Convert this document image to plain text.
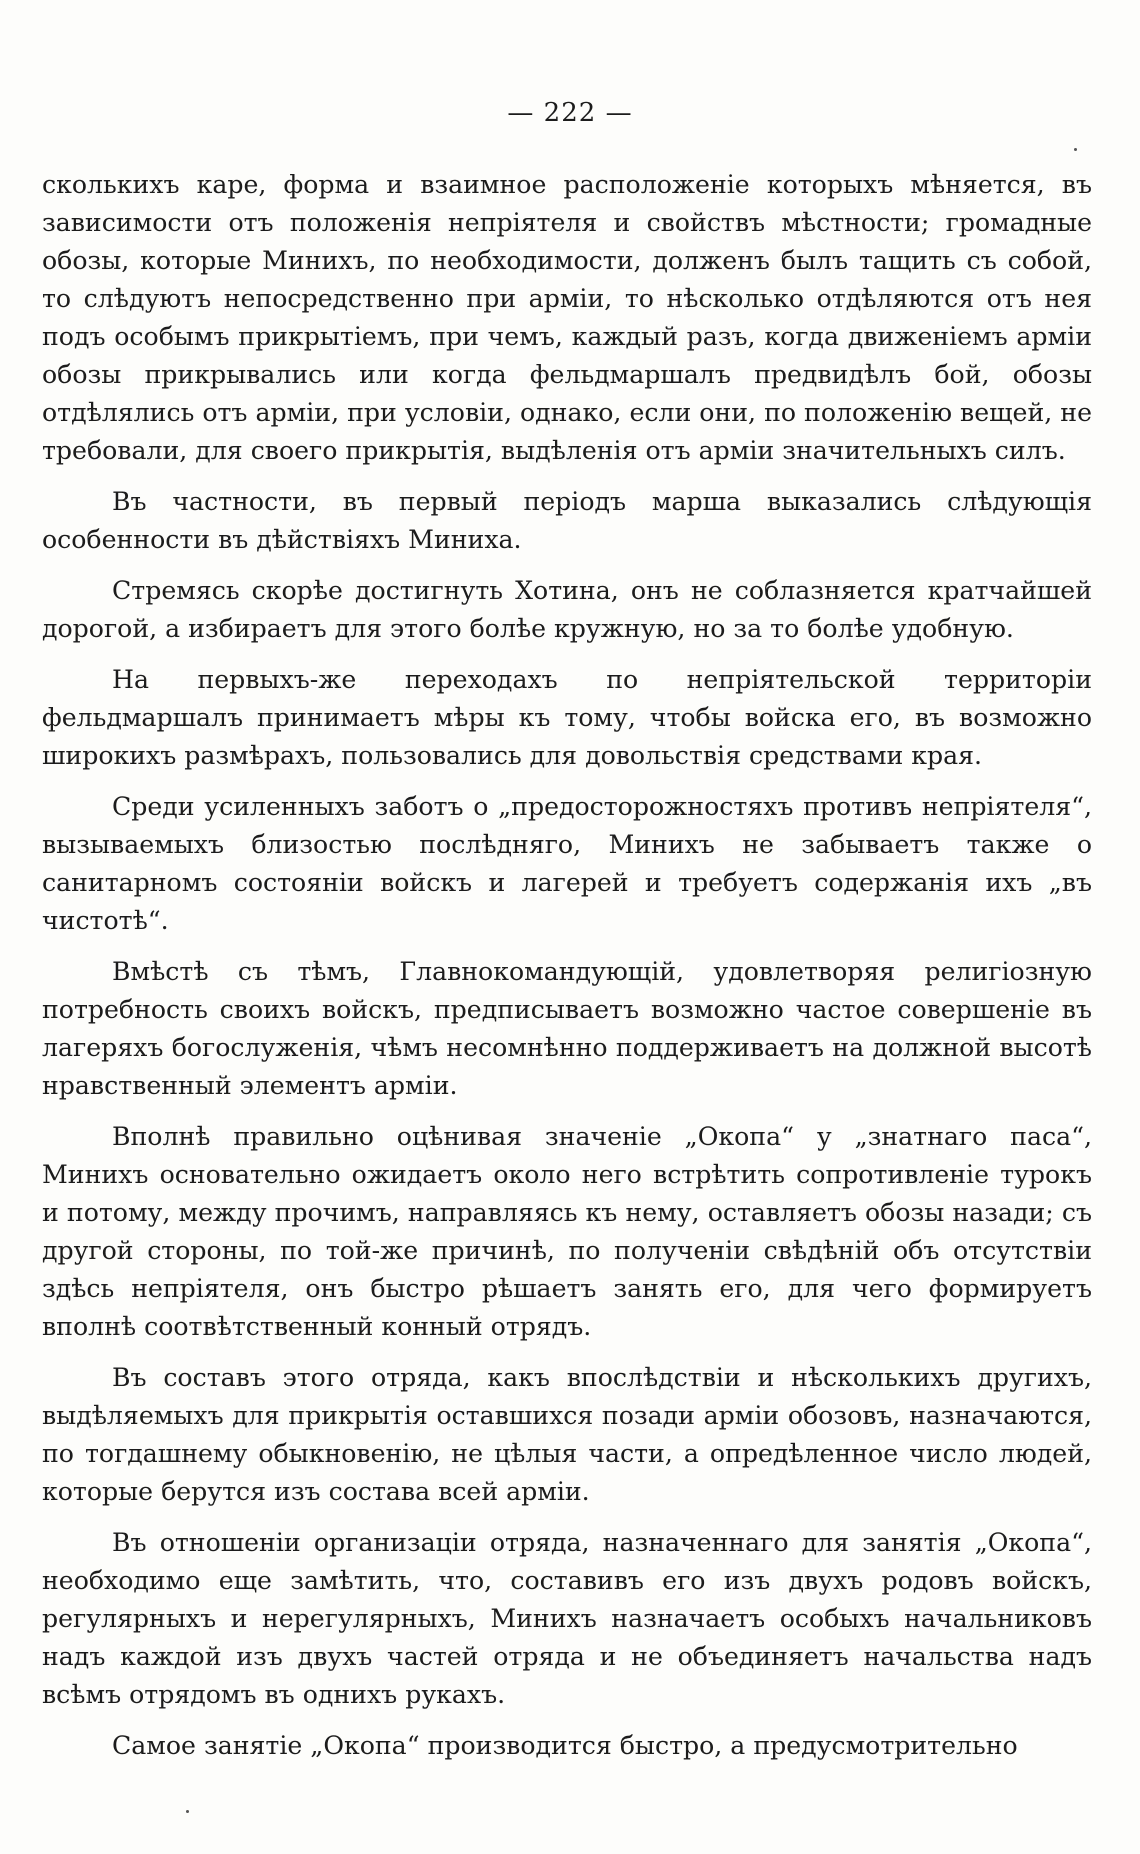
— 222 —

сколькихъ каре, форма и взаимное расположеніе которыхъ мѣняется, въ зависимости отъ положенія непріятеля и свойствъ мѣстности; громадные обозы, которые Минихъ, по необходимости, долженъ былъ тащить съ собой, то слѣдуютъ непосредственно при арміи, то нѣсколько отдѣляются отъ нея подъ особымъ прикрытіемъ, при чемъ, каждый разъ, когда движеніемъ арміи обозы прикрывались или когда фельдмаршалъ предвидѣлъ бой, обозы отдѣлялись отъ арміи, при условіи, однако, если они, по положенію вещей, не требовали, для своего прикрытія, выдѣленія отъ арміи значительныхъ силъ.

Въ частности, въ первый періодъ марша выказались слѣдующія особенности въ дѣйствіяхъ Миниха.

Стремясь скорѣе достигнуть Хотина, онъ не соблазняется кратчайшей дорогой, а избираетъ для этого болѣе кружную, но за то болѣе удобную.

На первыхъ-же переходахъ по непріятельской территоріи фельдмаршалъ принимаетъ мѣры къ тому, чтобы войска его, въ возможно широкихъ размѣрахъ, пользовались для довольствія средствами края.

Среди усиленныхъ заботъ о „предосторожностяхъ противъ непріятеля“, вызываемыхъ близостью послѣдняго, Минихъ не забываетъ также о санитарномъ состояніи войскъ и лагерей и требуетъ содержанія ихъ „въ чистотѣ“.

Вмѣстѣ съ тѣмъ, Главнокомандующій, удовлетворяя религіозную потребность своихъ войскъ, предписываетъ возможно частое совершеніе въ лагеряхъ богослуженія, чѣмъ несомнѣнно поддерживаетъ на должной высотѣ нравственный элементъ арміи.

Вполнѣ правильно оцѣнивая значеніе „Окопа“ у „знатнаго паса“, Минихъ основательно ожидаетъ около него встрѣтить сопротивленіе турокъ и потому, между прочимъ, направляясь къ нему, оставляетъ обозы назади; съ другой стороны, по той-же причинѣ, по полученіи свѣдѣній объ отсутствіи здѣсь непріятеля, онъ быстро рѣшаетъ занять его, для чего формируетъ вполнѣ соотвѣтственный конный отрядъ.

Въ составъ этого отряда, какъ впослѣдствіи и нѣсколькихъ другихъ, выдѣляемыхъ для прикрытія оставшихся позади арміи обозовъ, назначаются, по тогдашнему обыкновенію, не цѣлыя части, а опредѣленное число людей, которые берутся изъ состава всей арміи.

Въ отношеніи организаціи отряда, назначеннаго для занятія „Окопа“, необходимо еще замѣтить, что, составивъ его изъ двухъ родовъ войскъ, регулярныхъ и нерегулярныхъ, Минихъ назначаетъ особыхъ начальниковъ надъ каждой изъ двухъ частей отряда и не объединяетъ начальства надъ всѣмъ отрядомъ въ однихъ рукахъ.

Самое занятіе „Окопа“ производится быстро, а предусмотрительно
